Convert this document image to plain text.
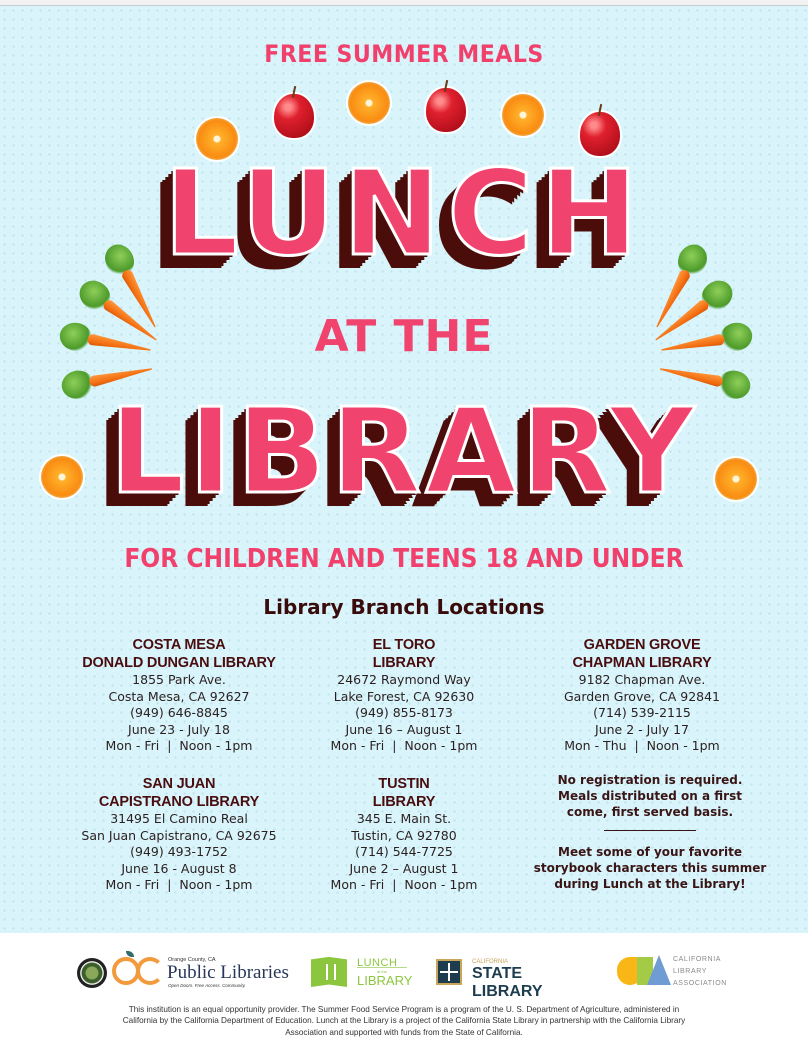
FREE SUMMER MEALS
LUNCH
AT THE
LIBRARY
FOR CHILDREN AND TEENS 18 AND UNDER
Library Branch Locations
COSTA MESA
DONALD DUNGAN LIBRARY
1855 Park Ave.
Costa Mesa, CA 92627
(949) 646-8845
June 23 - July 18
Mon - Fri  |  Noon - 1pm
EL TORO
LIBRARY
24672 Raymond Way
Lake Forest, CA 92630
(949) 855-8173
June 16 – August 1
Mon - Fri  |  Noon - 1pm
GARDEN GROVE
CHAPMAN LIBRARY
9182 Chapman Ave.
Garden Grove, CA 92841
(714) 539-2115
June 2 - July 17
Mon - Thu  |  Noon - 1pm
SAN JUAN
CAPISTRANO LIBRARY
31495 El Camino Real
San Juan Capistrano, CA 92675
(949) 493-1752
June 16 - August 8
Mon - Fri  |  Noon - 1pm
TUSTIN
LIBRARY
345 E. Main St.
Tustin, CA 92780
(714) 544-7725
June 2 – August 1
Mon - Fri  |  Noon - 1pm
No registration is required.
Meals distributed on a first
come, first served basis.
Meet some of your favorite
storybook characters this summer
during Lunch at the Library!
Orange County, CA
Public Libraries
Open Doors. Free Access. Community.
LUNCH
at the
LIBRARY
CALIFORNIA
STATE LIBRARY
CALIFORNIA
LIBRARY
ASSOCIATION
This institution is an equal opportunity provider. The Summer Food Service Program is a program of the U. S. Department of Agriculture, administered in California by the California Department of Education. Lunch at the Library is a project of the California State Library in partnership with the California Library Association and supported with funds from the State of California.
